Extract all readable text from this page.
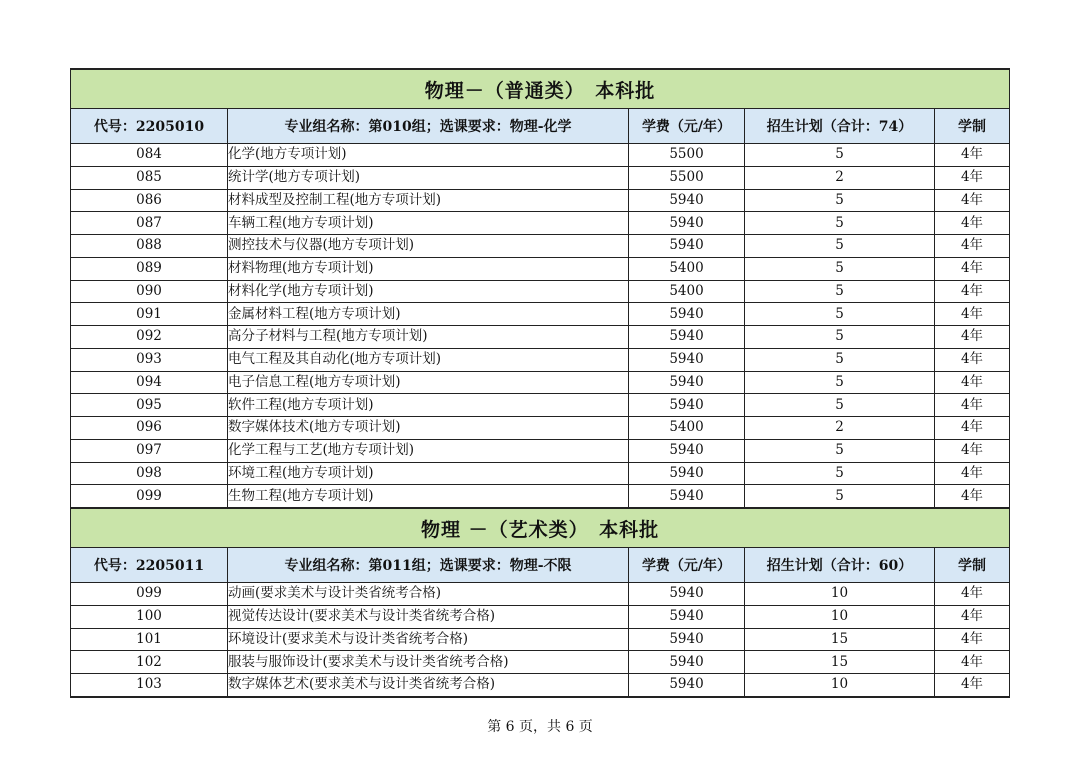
物理－（普通类）　本科批				
代号：2205010	专业组名称：第010组；选课要求：物理-化学	学费（元/年）	招生计划（合计：74）	学制
084	化学(地方专项计划)	5500	5	4年
085	统计学(地方专项计划)	5500	2	4年
086	材料成型及控制工程(地方专项计划)	5940	5	4年
087	车辆工程(地方专项计划)	5940	5	4年
088	测控技术与仪器(地方专项计划)	5940	5	4年
089	材料物理(地方专项计划)	5400	5	4年
090	材料化学(地方专项计划)	5400	5	4年
091	金属材料工程(地方专项计划)	5940	5	4年
092	高分子材料与工程(地方专项计划)	5940	5	4年
093	电气工程及其自动化(地方专项计划)	5940	5	4年
094	电子信息工程(地方专项计划)	5940	5	4年
095	软件工程(地方专项计划)	5940	5	4年
096	数字媒体技术(地方专项计划)	5400	2	4年
097	化学工程与工艺(地方专项计划)	5940	5	4年
098	环境工程(地方专项计划)	5940	5	4年
099	生物工程(地方专项计划)	5940	5	4年
物理 －（艺术类）　本科批				
代号：2205011	专业组名称：第011组；选课要求：物理-不限	学费（元/年）	招生计划（合计：60）	学制
099	动画(要求美术与设计类省统考合格)	5940	10	4年
100	视觉传达设计(要求美术与设计类省统考合格)	5940	10	4年
101	环境设计(要求美术与设计类省统考合格)	5940	15	4年
102	服装与服饰设计(要求美术与设计类省统考合格)	5940	15	4年
103	数字媒体艺术(要求美术与设计类省统考合格)	5940	10	4年
第 6 页，共 6 页
